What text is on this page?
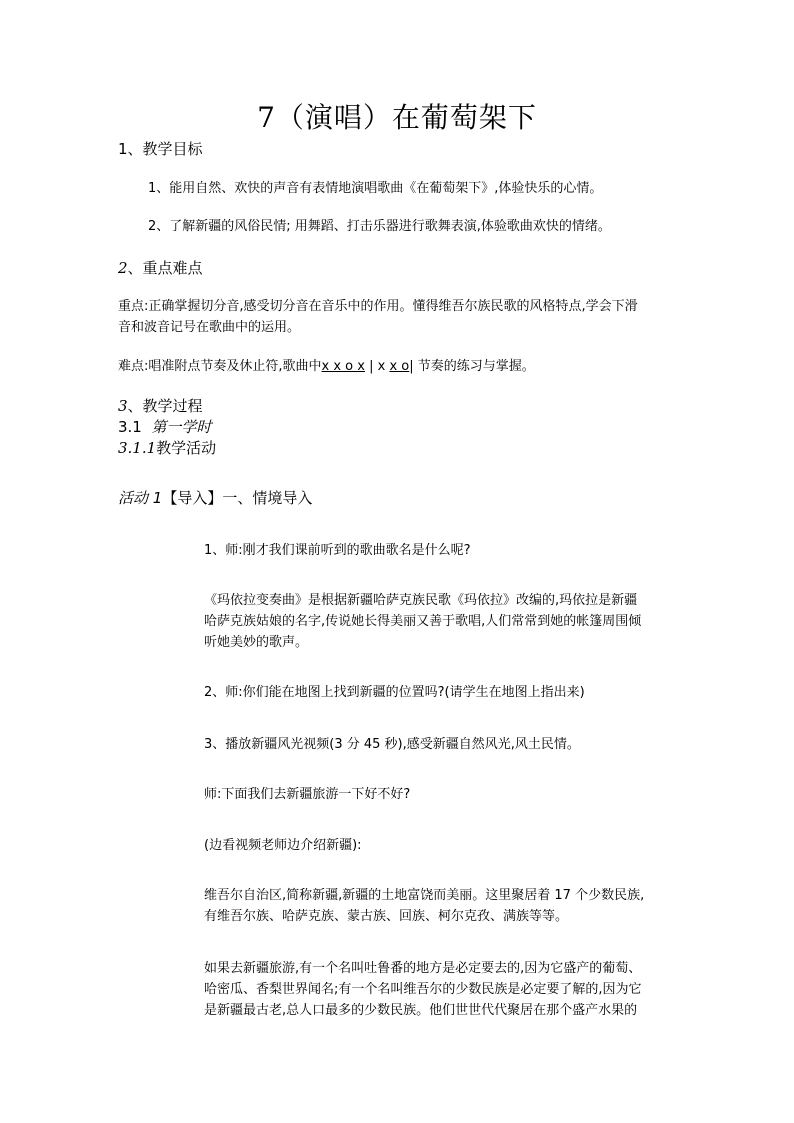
7（演唱）在葡萄架下
1、教学目标
1、能用自然、欢快的声音有表情地演唱歌曲《在葡萄架下》,体验快乐的心情。
2、了解新疆的风俗民情; 用舞蹈、打击乐器进行歌舞表演,体验歌曲欢快的情绪。
2、重点难点
重点:正确掌握切分音,感受切分音在音乐中的作用。懂得维吾尔族民歌的风格特点,学会下滑
音和波音记号在歌曲中的运用。
难点:唱准附点节奏及休止符,歌曲中x x o x | x x o| 节奏的练习与掌握。
3、教学过程
3.1 第一学时
3.1.1教学活动
活动 1【导入】一、情境导入
1、师:刚才我们课前听到的歌曲歌名是什么呢?
《玛依拉变奏曲》是根据新疆哈萨克族民歌《玛依拉》改编的,玛依拉是新疆
哈萨克族姑娘的名字,传说她长得美丽又善于歌唱,人们常常到她的帐篷周围倾
听她美妙的歌声。
2、师:你们能在地图上找到新疆的位置吗?(请学生在地图上指出来)
3、播放新疆风光视频(3 分 45 秒),感受新疆自然风光,风土民情。
师:下面我们去新疆旅游一下好不好?
(边看视频老师边介绍新疆):
维吾尔自治区,简称新疆,新疆的土地富饶而美丽。这里聚居着 17 个少数民族,
有维吾尔族、哈萨克族、蒙古族、回族、柯尔克孜、满族等等。
如果去新疆旅游,有一个名叫吐鲁番的地方是必定要去的,因为它盛产的葡萄、
哈密瓜、香梨世界闻名;有一个名叫维吾尔的少数民族是必定要了解的,因为它
是新疆最古老,总人口最多的少数民族。他们世世代代聚居在那个盛产水果的
